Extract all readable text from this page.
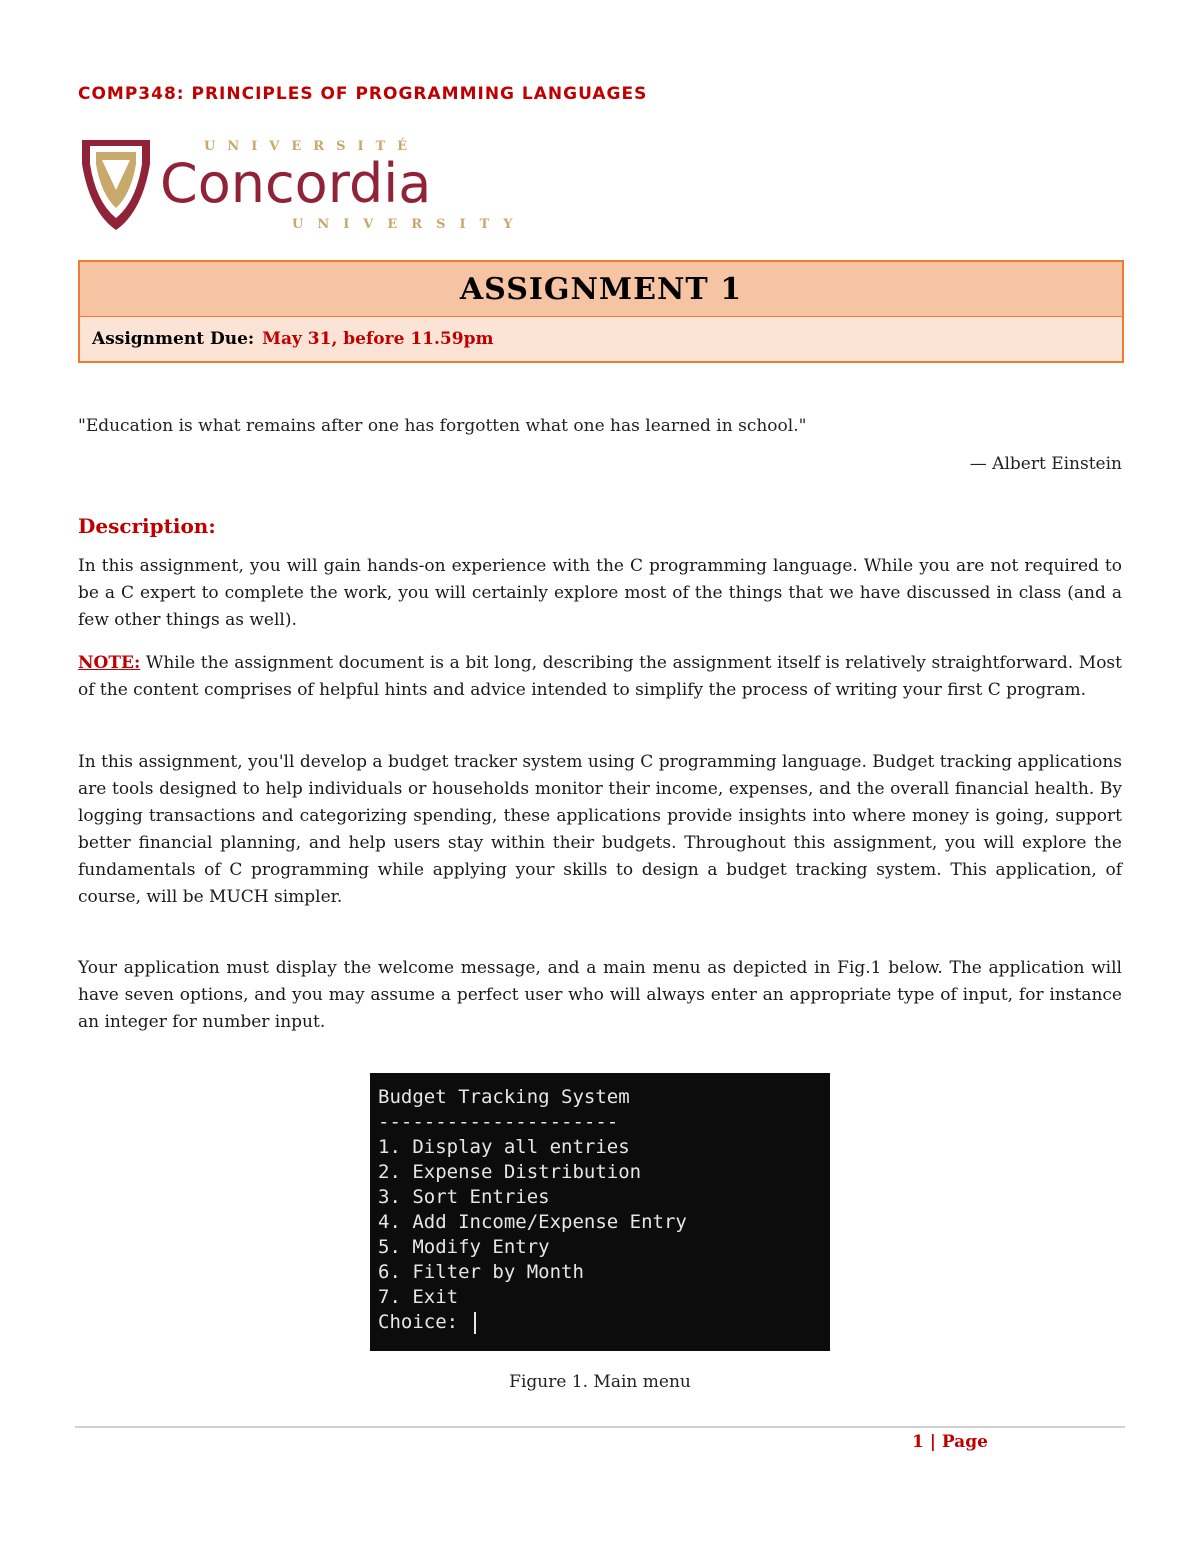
COMP348: PRINCIPLES OF PROGRAMMING LANGUAGES

UNIVERSITÉ
Concordia
UNIVERSITY
ASSIGNMENT 1
Assignment Due: May 31, before 11.59pm

"Education is what remains after one has forgotten what one has learned in school."

— Albert Einstein

Description:

In this assignment, you will gain hands-on experience with the C programming language. While you are not required to be a C expert to complete the work, you will certainly explore most of the things that we have discussed in class (and a few other things as well).

NOTE: While the assignment document is a bit long, describing the assignment itself is relatively straightforward. Most of the content comprises of helpful hints and advice intended to simplify the process of writing your first C program.

In this assignment, you'll develop a budget tracker system using C programming language. Budget tracking applications are tools designed to help individuals or households monitor their income, expenses, and the overall financial health. By logging transactions and categorizing spending, these applications provide insights into where money is going, support better financial planning, and help users stay within their budgets. Throughout this assignment, you will explore the fundamentals of C programming while applying your skills to design a budget tracking system. This application, of course, will be MUCH simpler.

Your application must display the welcome message, and a main menu as depicted in Fig.1 below. The application will have seven options, and you may assume a perfect user who will always enter an appropriate type of input, for instance an integer for number input.

Budget Tracking System
---------------------
1. Display all entries
2. Expense Distribution
3. Sort Entries
4. Add Income/Expense Entry
5. Modify Entry
6. Filter by Month
7. Exit
Choice:

Figure 1. Main menu

1 | Page
